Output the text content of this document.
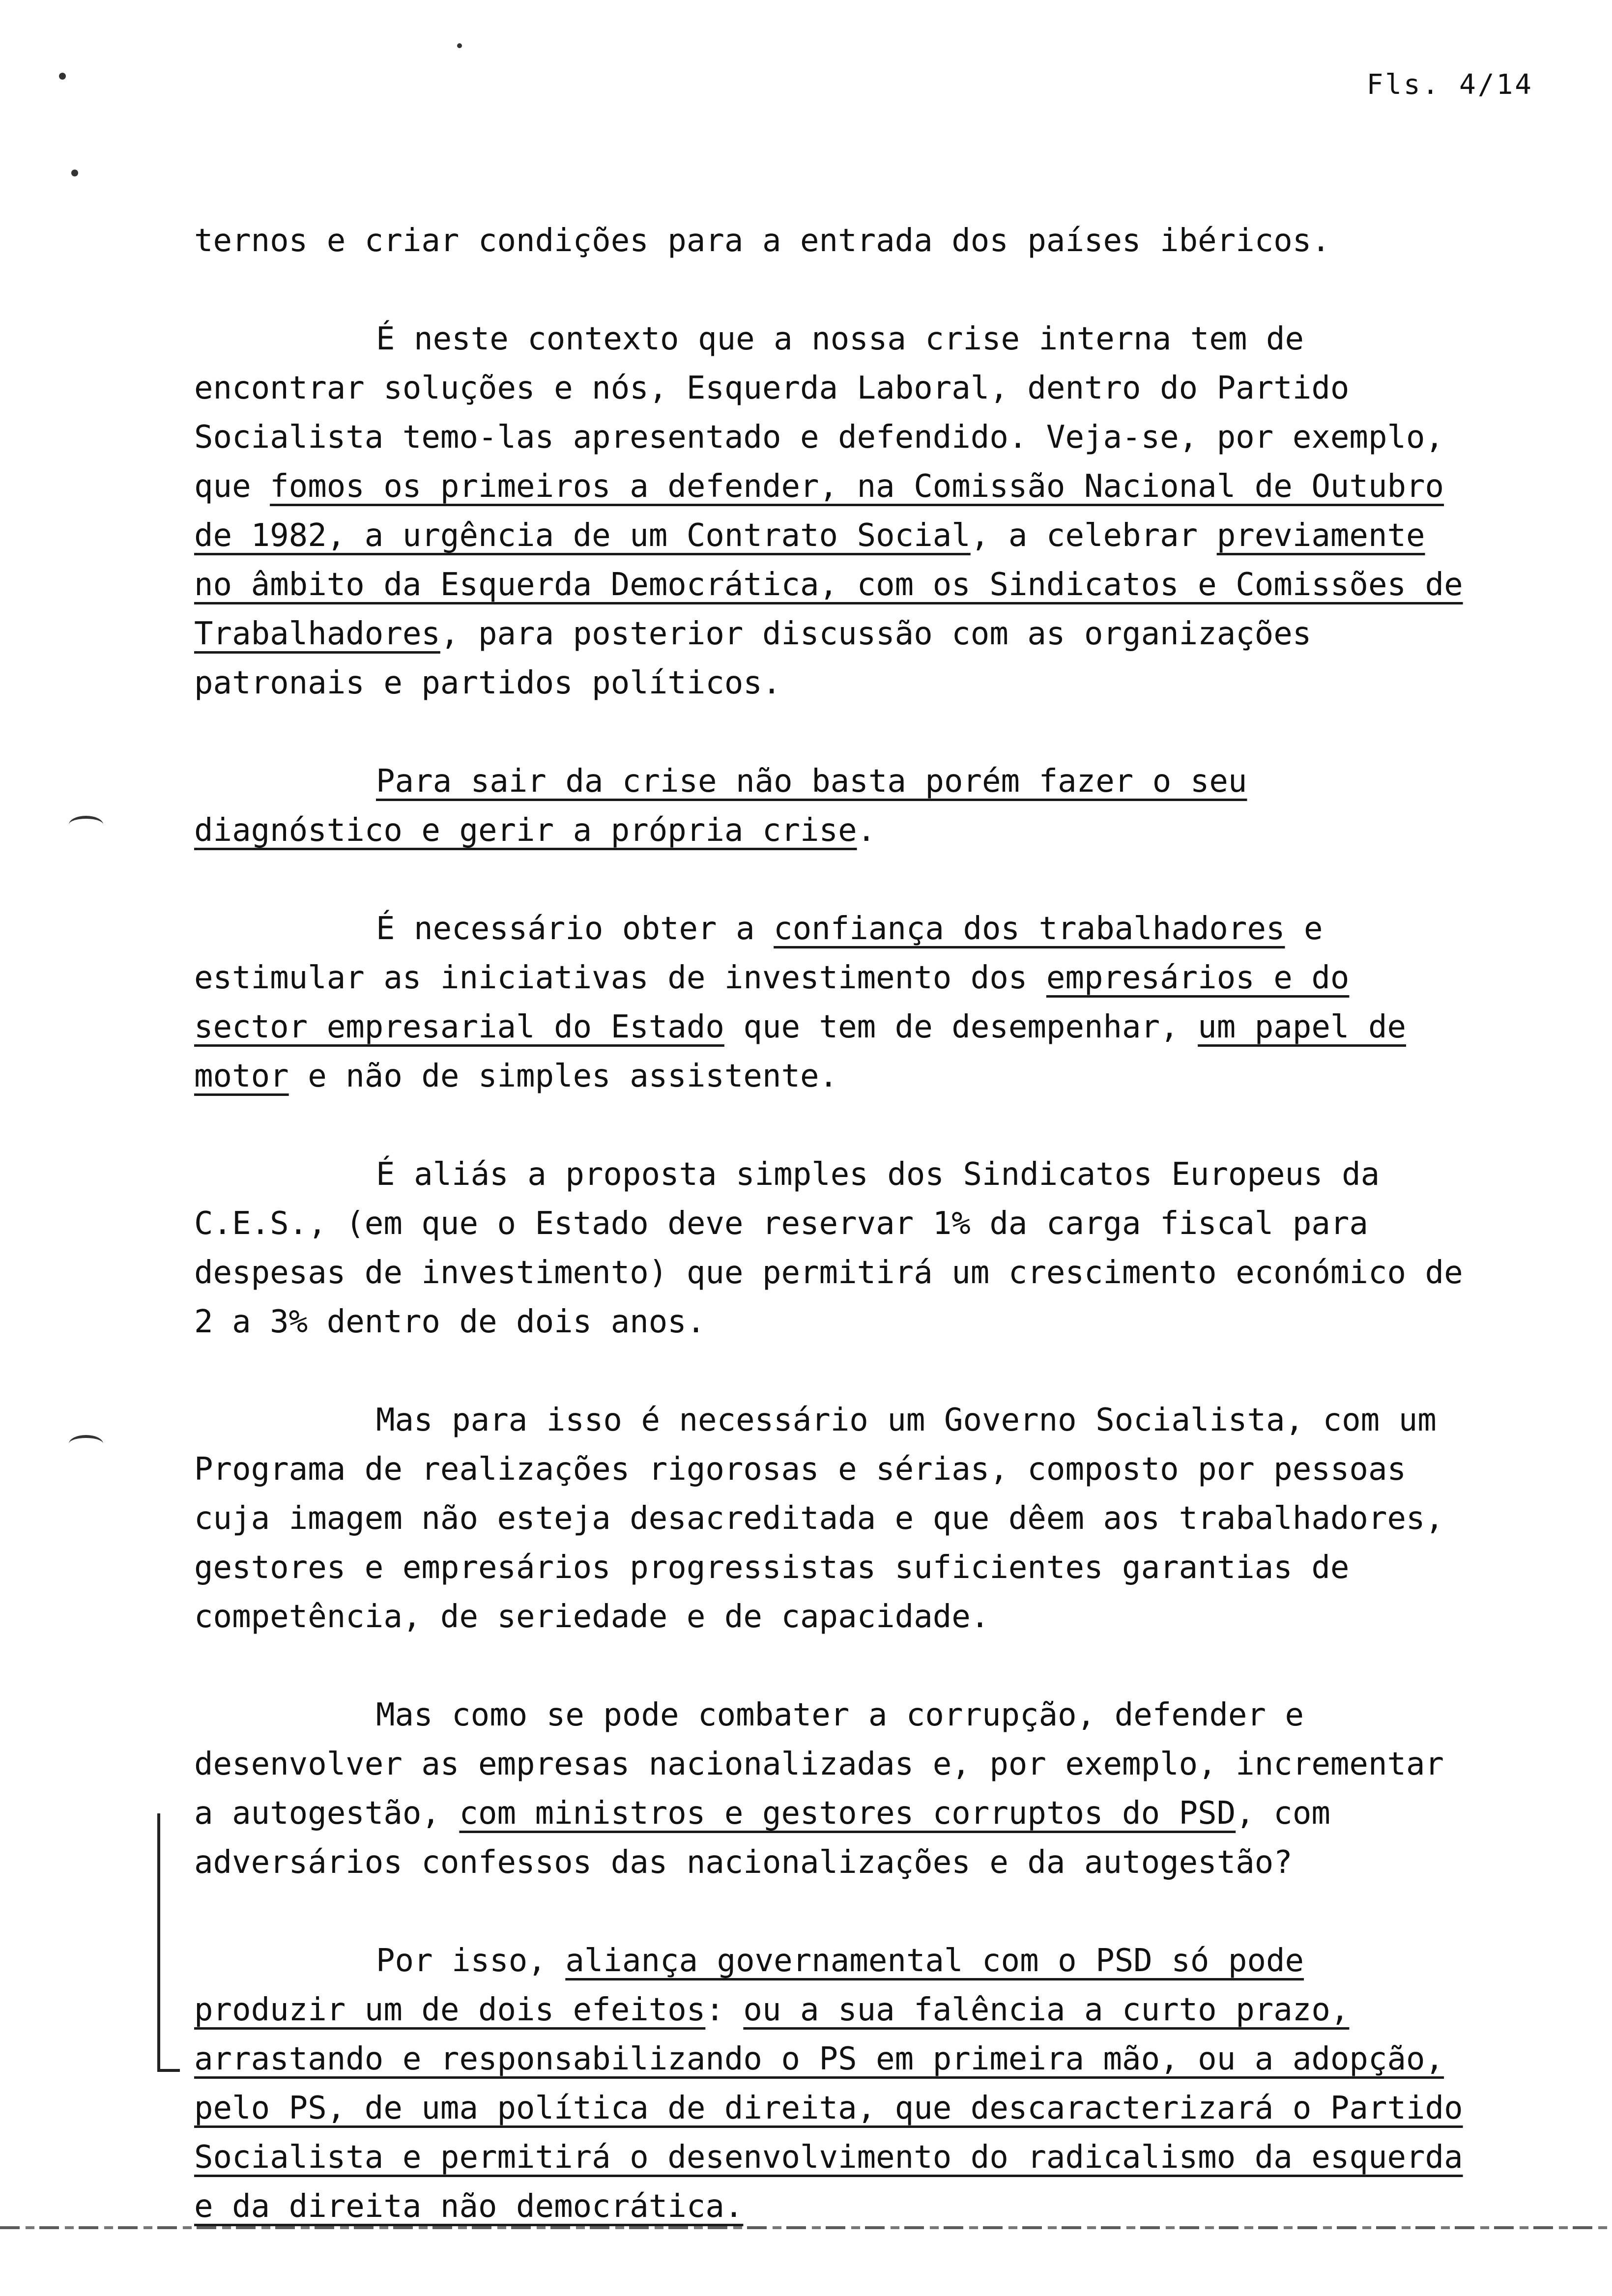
Fls. 4/14

ternos e criar condições para a entrada dos países ibéricos.

É neste contexto que a nossa crise interna tem de encontrar soluções e nós, Esquerda Laboral, dentro do Partido Socialista temo-las apresentado e defendido. Veja-se, por exemplo, que fomos os primeiros a defender, na Comissão Nacional de Outubro de 1982, a urgência de um Contrato Social, a celebrar previamente no âmbito da Esquerda Democrática, com os Sindicatos e Comissões de Trabalhadores, para posterior discussão com as organizações patronais e partidos políticos.

Para sair da crise não basta porém fazer o seu diagnóstico e gerir a própria crise.

É necessário obter a confiança dos trabalhadores e estimular as iniciativas de investimento dos empresários e do sector empresarial do Estado que tem de desempenhar, um papel de motor e não de simples assistente.

É aliás a proposta simples dos Sindicatos Europeus da C.E.S., (em que o Estado deve reservar 1% da carga fiscal para despesas de investimento) que permitirá um crescimento económico de 2 a 3% dentro de dois anos.

Mas para isso é necessário um Governo Socialista, com um Programa de realizações rigorosas e sérias, composto por pessoas cuja imagem não esteja desacreditada e que dêem aos trabalhadores, gestores e empresários progressistas suficientes garantias de competência, de seriedade e de capacidade.

Mas como se pode combater a corrupção, defender e desenvolver as empresas nacionalizadas e, por exemplo, incrementar a autogestão, com ministros e gestores corruptos do PSD, com adversários confessos das nacionalizações e da autogestão?

Por isso, aliança governamental com o PSD só pode produzir um de dois efeitos: ou a sua falência a curto prazo, arrastando e responsabilizando o PS em primeira mão, ou a adopção, pelo PS, de uma política de direita, que descaracterizará o Partido Socialista e permitirá o desenvolvimento do radicalismo da esquerda e da direita não democrática.
